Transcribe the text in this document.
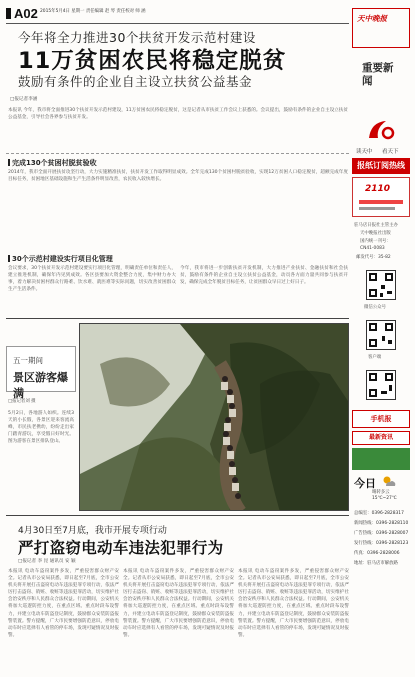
A02 2015年5月4日 星期一 责任编辑 赵 琴 责任校对 师 涵
今年将全力推进30个扶贫开发示范村建设
11万贫困农民将稳定脱贫
鼓励有条件的企业自主设立扶贫公益基金
□报记者李涵
本报讯 今年，我市将全面推进30个扶贫开发示范村建设，11万贫困农民将稳定脱贫，这是记者从市扶贫工作会议上获悉的。会议提出，鼓励有条件的企业自主设立扶贫公益基金，引导社会各界参与扶贫开发。
完成130个贫困村脱贫验收
2014年，我市全面开展扶贫攻坚行动，大力实施精准扶贫，扶贫开发工作取得明显成效。全年完成130个贫困村脱贫验收，实现12万贫困人口稳定脱贫，超额完成年度目标任务，贫困地区基础设施和生产生活条件明显改善，农民收入较快增长。
30个示范村建设实行项目化管理
会议要求，30个扶贫开发示范村建设要实行项目化管理，明确责任单位和责任人，建立推进机制，确保年内见到成效。各区县要加大资金整合力度，集中财力办大事，着力解决贫困村群众行路难、饮水难、就医难等实际问题，切实改善贫困群众生产生活条件。
今年，我市将进一步创新扶贫开发机制，大力推进产业扶贫、金融扶贫和社会扶贫，鼓励有条件的企业自主设立扶贫公益基金，动员各方面力量共同参与扶贫开发，确保完成全年脱贫目标任务，让贫困群众早日过上好日子。
五一期间
景区游客爆满
□报记者刘 摄
5月2日，各地游人如织。连续3天的小长假，各景区迎来客流高峰，市民扶老携幼，纷纷走出家门踏青游玩，享受假日好时光。图为游客在景区排队登山。
4月30日至7月底，我市开展专项行动
严打盗窃电动车违法犯罪行为
□报记者 李 昆 通讯员 安 颖
本报讯 电动车盗窃案件多发，严重侵害群众财产安全。记者从市公安局获悉，即日起至7月底，全市公安机关将开展打击盗窃电动车违法犯罪专项行动，依法严厉打击盗窃、销赃、收赃等违法犯罪活动，切实维护社会治安秩序和人民群众合法权益。行动期间，公安机关将加大巡逻防控力度，在重点区域、重点时段布设警力，并建立电动车防盗登记制度，鼓励群众安装防盗报警装置。警方提醒，广大市民要增强防范意识，停放电动车时应选择有人看管的停车场，发现可疑情况及时报警。
本报讯 电动车盗窃案件多发，严重侵害群众财产安全。记者从市公安局获悉，即日起至7月底，全市公安机关将开展打击盗窃电动车违法犯罪专项行动，依法严厉打击盗窃、销赃、收赃等违法犯罪活动，切实维护社会治安秩序和人民群众合法权益。行动期间，公安机关将加大巡逻防控力度，在重点区域、重点时段布设警力，并建立电动车防盗登记制度，鼓励群众安装防盗报警装置。警方提醒，广大市民要增强防范意识，停放电动车时应选择有人看管的停车场，发现可疑情况及时报警。
本报讯 电动车盗窃案件多发，严重侵害群众财产安全。记者从市公安局获悉，即日起至7月底，全市公安机关将开展打击盗窃电动车违法犯罪专项行动，依法严厉打击盗窃、销赃、收赃等违法犯罪活动，切实维护社会治安秩序和人民群众合法权益。行动期间，公安机关将加大巡逻防控力度，在重点区域、重点时段布设警力，并建立电动车防盗登记制度，鼓励群众安装防盗报警装置。警方提醒，广大市民要增强防范意识，停放电动车时应选择有人看管的停车场，发现可疑情况及时报警。
天中晚报
重要新闻
读天中 看天下
报纸订阅热线
2110
驻马店日报社主管主办
天中晚报社出版
国内统一刊号：
CN41-0083
邮发代号：35-82
微信公众号
客户端
手机报
最新资讯
今日
晴转多云
15℃~27℃
总编室：0396-2828317
新闻热线：0396-2828110
广告热线：0396-2828007
发行热线：0396-2828123
传真：0396-2828006
地址：驻马店市解放路
